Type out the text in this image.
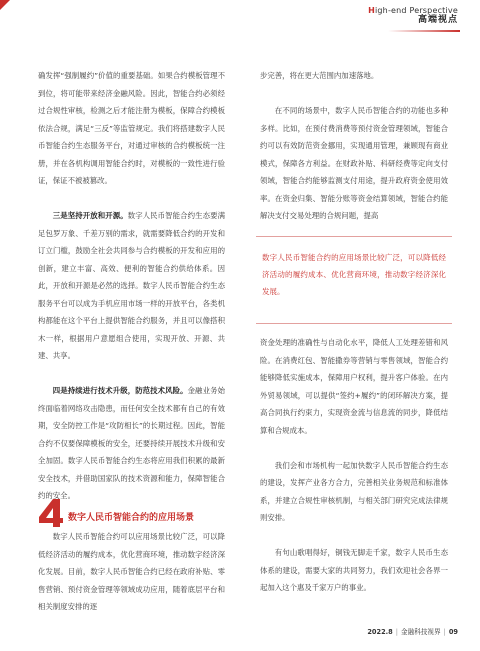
High-end Perspective
高端视点

确发挥“强制履约”价值的重要基础。如果合约模板管理不到位，将可能带来经济金融风险。因此，智能合约必须经过合规性审核，检测之后才能注册为模板，保障合约模板依法合规，满足“三反”等监管规定。我们将搭建数字人民币智能合约生态服务平台，对通过审核的合约模板统一注册，并在各机构调用智能合约时，对模板的一致性进行验证，保证不被被篡改。

三是坚持开放和开源。数字人民币智能合约生态要满足包罗万象、千差万别的需求，就需要降低合约的开发和订立门槛，鼓励全社会共同参与合约模板的开发和应用的创新，建立丰富、高效、便利的智能合约供给体系。因此，开放和开源是必然的选择。数字人民币智能合约生态服务平台可以成为手机应用市场一样的开放平台，各类机构都能在这个平台上提供智能合约服务，并且可以像搭积木一样，根据用户意愿组合使用，实现开放、开源、共建、共享。

四是持续进行技术升级，防范技术风险。金融业务始终面临着网络攻击隐患，而任何安全技术都有自己的有效期，安全防控工作是“攻防相长”的长期过程。因此，智能合约不仅要保障模板的安全，还要持续开展技术升级和安全加固。数字人民币智能合约生态将应用我们积累的最新安全技术，并借助国家队的技术资源和能力，保障智能合约的安全。

数字人民币智能合约的应用场景

数字人民币智能合约可以应用场景比较广泛，可以降低经济活动的履约成本，优化营商环境，推动数字经济深化发展。目前，数字人民币智能合约已经在政府补贴、零售营销、预付资金管理等领域成功应用，随着底层平台和相关制度安排的逐

步完善，将在更大范围内加速落地。

在不同的场景中，数字人民币智能合约的功能也多种多样。比如，在预付费消费等预付资金管理领域，智能合约可以有效防范资金挪用，实现通用管理，兼顾现有商业模式，保障各方利益。在财政补贴、科研经费等定向支付领域，智能合约能够监测支付用途，提升政府资金使用效率。在资金归集、智能分账等资金结算领域，智能合约能解决支付交易处理的合规问题，提高

数字人民币智能合约的应用场景比较广泛，可以降低经济活动的履约成本、优化营商环境，推动数字经济深化发展。

资金处理的准确性与自动化水平，降低人工处理差错和风险。在消费红包、智能撒券等营销与零售领域，智能合约能够降低实施成本，保障用户权利，提升客户体验。在内外贸易领域，可以提供“签约+履约”的闭环解决方案，提高合同执行约束力，实现资金流与信息流的同步，降低结算和合规成本。

我们会和市场机构一起加快数字人民币智能合约生态的建设，发挥产业各方合力，完善相关业务规范和标准体系，并建立合规性审核机制，与相关部门研究完成法律规则安排。

有句山歌唱得好，铜钱无脚走千家，数字人民币生态体系的建设，需要大家的共同努力，我们欢迎社会各界一起加入这个惠及千家万户的事业。

2022.8 | 金融科技视界 | 09
